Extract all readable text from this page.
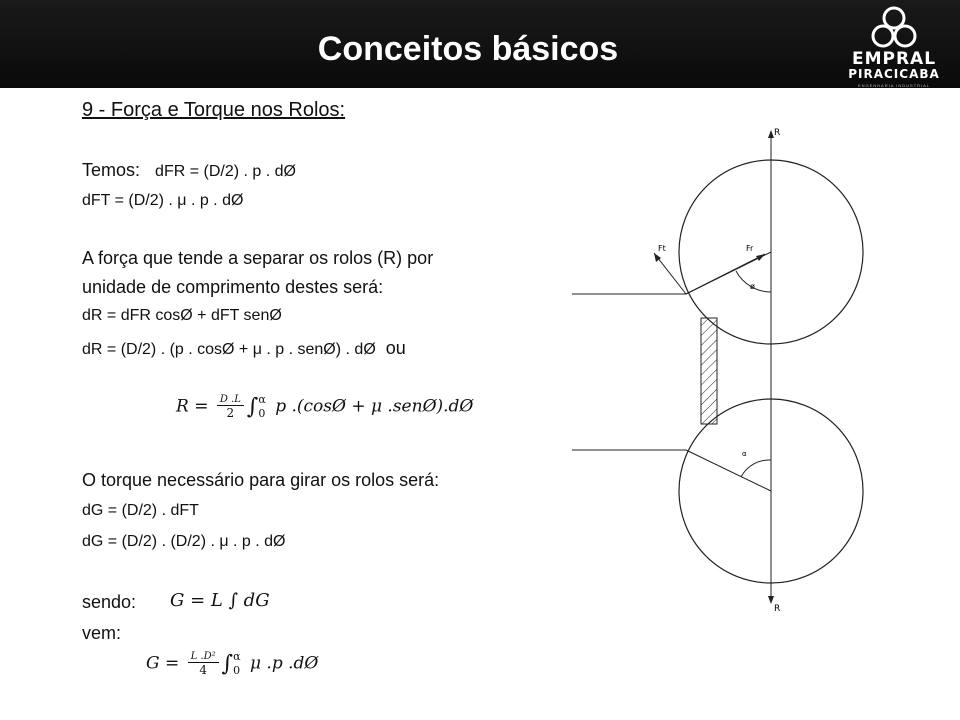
Conceitos básicos	EMPRAL
PIRACICABA
ENGENHARIA INDUSTRIAL
9 - Força e Torque nos Rolos:
Temos: dFR = (D/2) . p . dØ
dFT = (D/2) . μ . p . dØ
A força que tende a separar os rolos (R) por
unidade de comprimento destes será:
dR = dFR cosØ + dFT senØ
dR = (D/2) . (p . cosØ + μ . p . senØ) . dØ ou
$R = \frac{D .L}{2}$ ∫ α
0 p .(cosØ + μ .senØ).dØ
O torque necessário para girar os rolos será:
dG = (D/2) . dFT
dG = (D/2) . (D/2) . μ . p . dØ
sendo: G = L ∫ dG
vem:
$G = \frac{\text{L .D²}}{4}$ ∫ α
0 μ .p .dØ
R
R
Ft	Fr
ø
α
